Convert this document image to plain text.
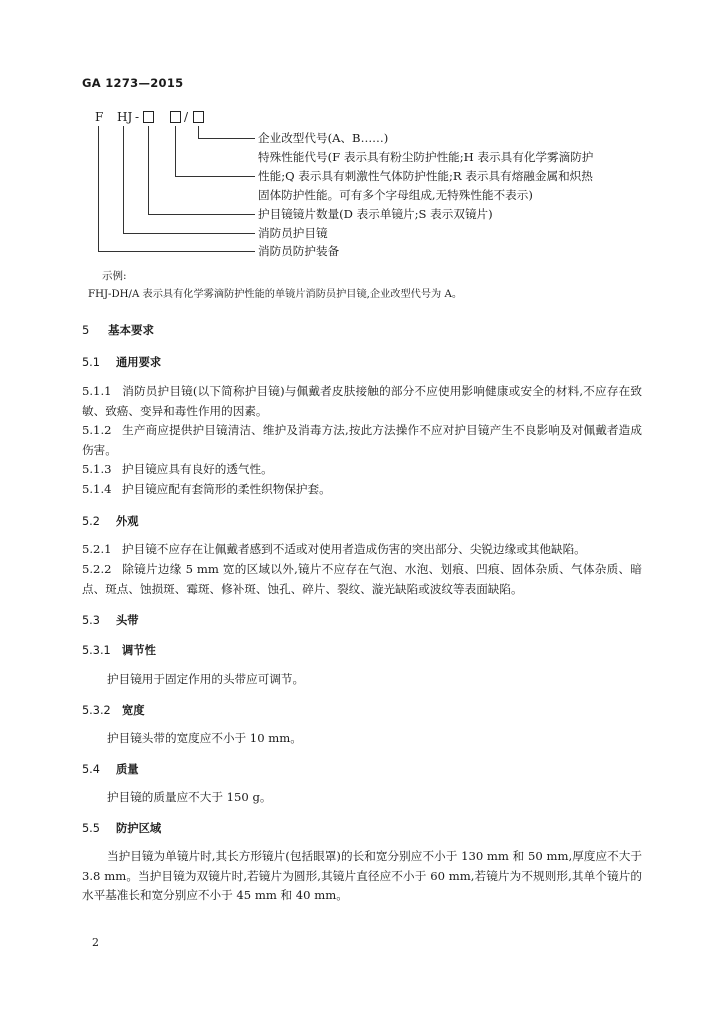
GA 1273—2015
F HJ -	/
企业改型代号(A、B……)
特殊性能代号(F 表示具有粉尘防护性能;H 表示具有化学雾滴防护
性能;Q 表示具有刺激性气体防护性能;R 表示具有熔融金属和炽热
固体防护性能。可有多个字母组成,无特殊性能不表示)
护目镜镜片数量(D 表示单镜片;S 表示双镜片)
消防员护目镜
消防员防护装备
示例:
FHJ-DH/A 表示具有化学雾滴防护性能的单镜片消防员护目镜,企业改型代号为 A。
5 基本要求
5.1 通用要求
5.1.1 消防员护目镜(以下简称护目镜)与佩戴者皮肤接触的部分不应使用影响健康或安全的材料,不应存在致敏、致癌、变异和毒性作用的因素。
5.1.2 生产商应提供护目镜清洁、维护及消毒方法,按此方法操作不应对护目镜产生不良影响及对佩戴者造成伤害。
5.1.3 护目镜应具有良好的透气性。
5.1.4 护目镜应配有套筒形的柔性织物保护套。
5.2 外观
5.2.1 护目镜不应存在让佩戴者感到不适或对使用者造成伤害的突出部分、尖锐边缘或其他缺陷。
5.2.2 除镜片边缘 5 mm 宽的区域以外,镜片不应存在气泡、水泡、划痕、凹痕、固体杂质、气体杂质、暗点、斑点、蚀损斑、霉斑、修补斑、蚀孔、碎片、裂纹、漩光缺陷或波纹等表面缺陷。
5.3 头带
5.3.1 调节性
护目镜用于固定作用的头带应可调节。
5.3.2 宽度
护目镜头带的宽度应不小于 10 mm。
5.4 质量
护目镜的质量应不大于 150 g。
5.5 防护区域
当护目镜为单镜片时,其长方形镜片(包括眼罩)的长和宽分别应不小于 130 mm 和 50 mm,厚度应不大于 3.8 mm。当护目镜为双镜片时,若镜片为圆形,其镜片直径应不小于 60 mm,若镜片为不规则形,其单个镜片的水平基准长和宽分别应不小于 45 mm 和 40 mm。
2
